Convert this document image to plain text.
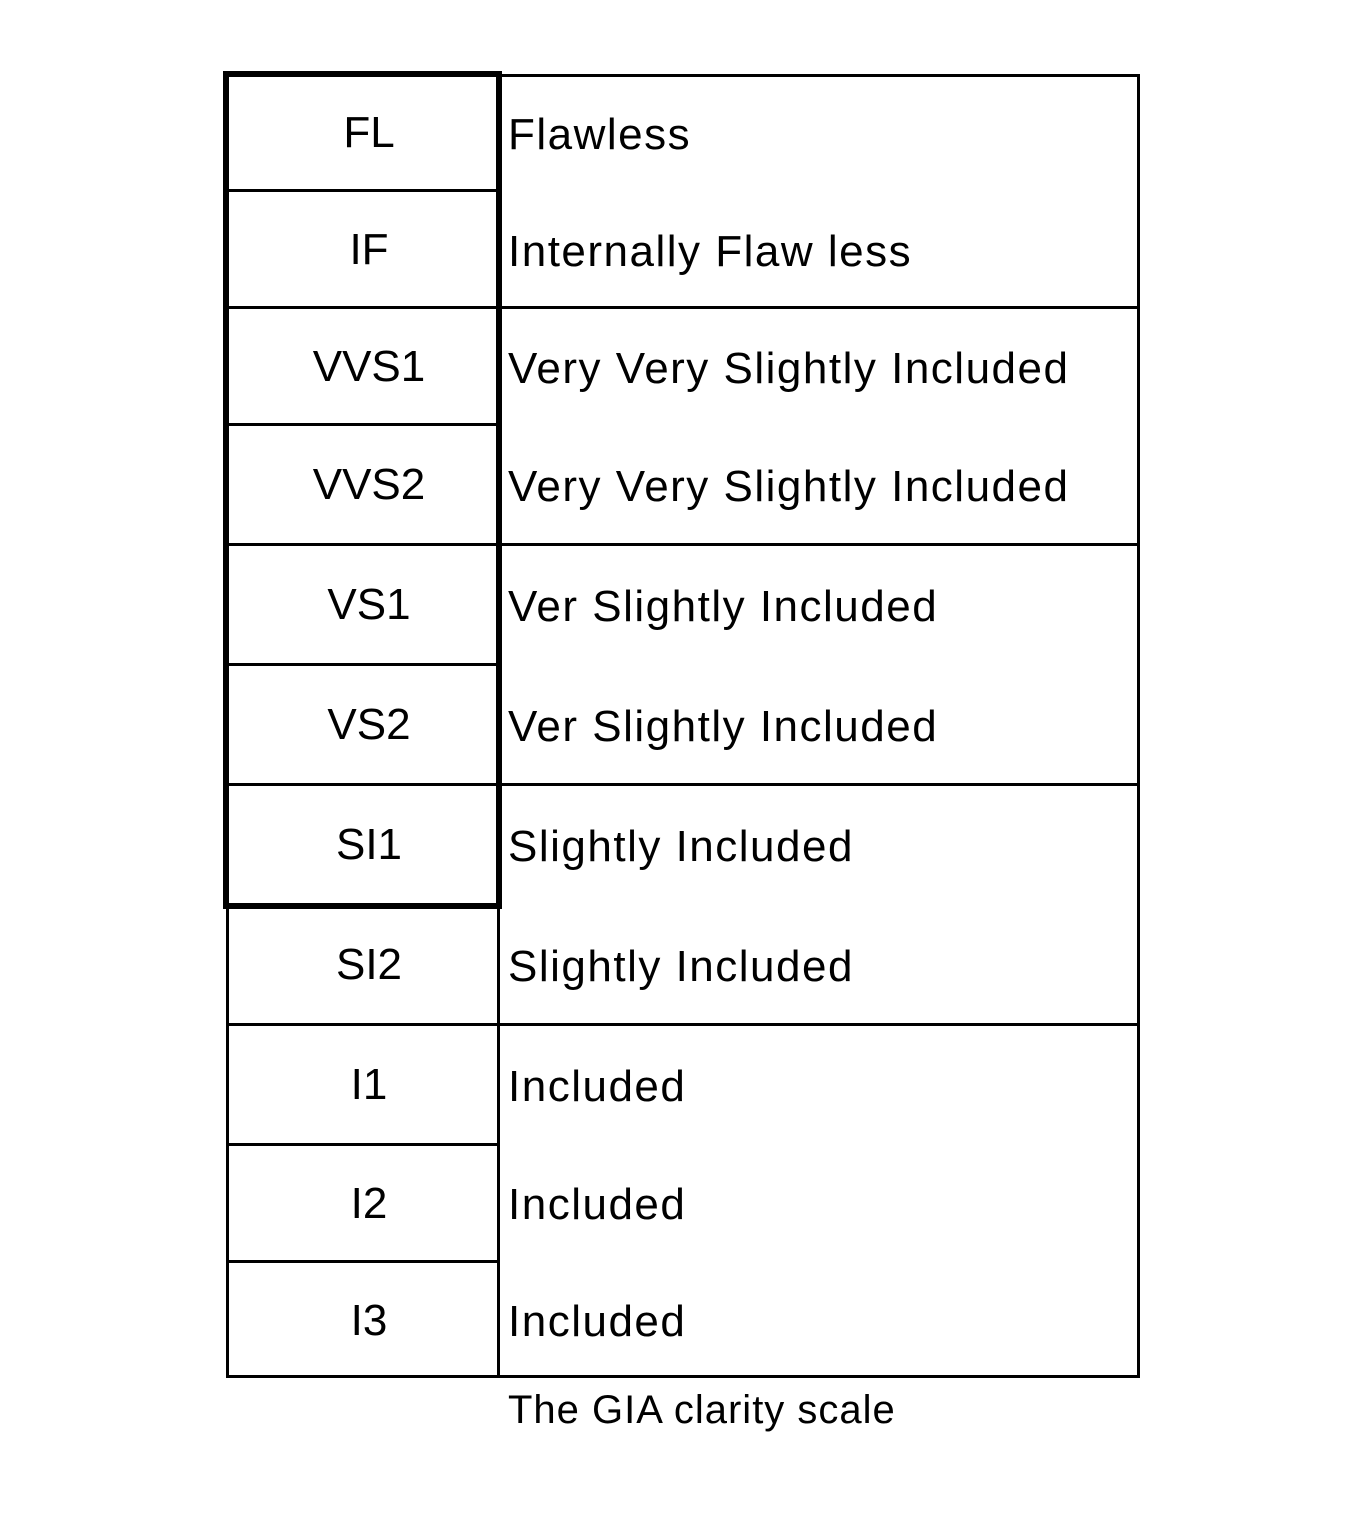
FL
IF
VVS1
VVS2
VS1
VS2
SI1
SI2
I1
I2
I3
Flawless
Internally Flaw less
Very Very Slightly Included
Very Very Slightly Included
Ver Slightly Included
Ver Slightly Included
Slightly Included
Slightly Included
Included
Included
Included
The GIA clarity scale
